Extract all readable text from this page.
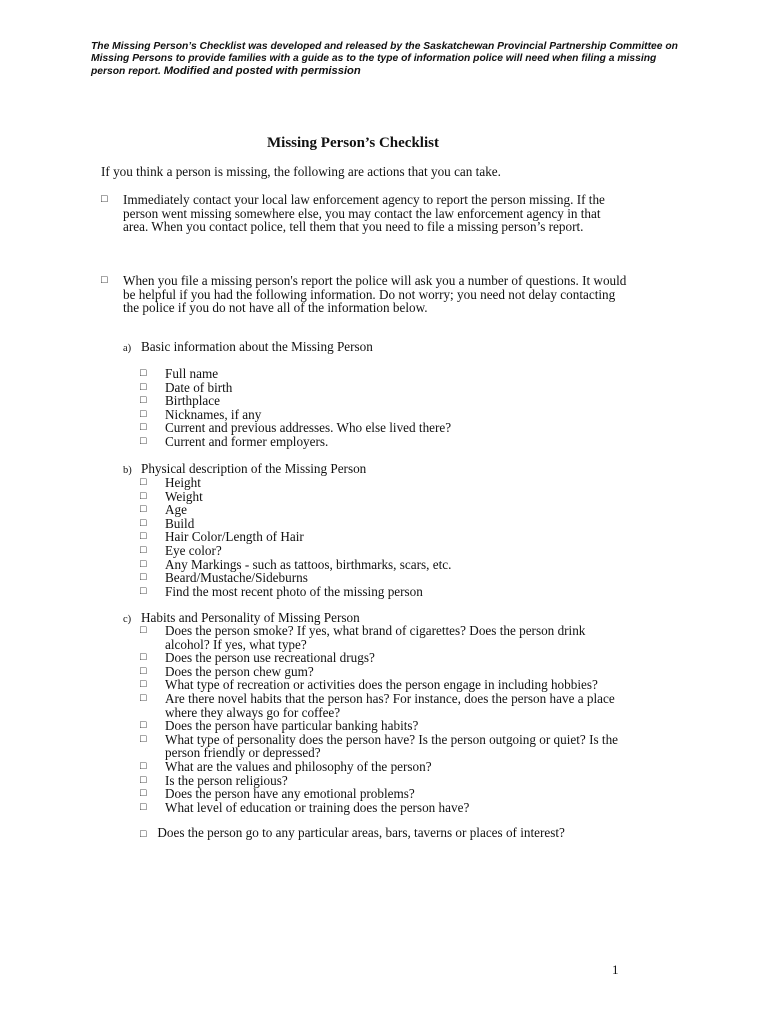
The Missing Person’s Checklist was developed and released by the Saskatchewan Provincial Partnership Committee on Missing Persons to provide families with a guide as to the type of information police will need when filing a missing person report. Modified and posted with permission

Missing Person’s Checklist

If you think a person is missing, the following are actions that you can take.

□	Immediately contact your local law enforcement agency to report the person missing. If the person went missing somewhere else, you may contact the law enforcement agency in that area. When you contact police, tell them that you need to file a missing person’s report.
□	When you file a missing person's report the police will ask you a number of questions. It would be helpful if you had the following information. Do not worry; you need not delay contacting the police if you do not have all of the information below.
a) Basic information about the Missing Person
□ Full name
□ Date of birth
□ Birthplace
□ Nicknames, if any
□ Current and previous addresses. Who else lived there?
□ Current and former employers.
b) Physical description of the Missing Person
□ Height
□ Weight
□ Age
□ Build
□ Hair Color/Length of Hair
□ Eye color?
□ Any Markings - such as tattoos, birthmarks, scars, etc.
□ Beard/Mustache/Sideburns
□ Find the most recent photo of the missing person
c) Habits and Personality of Missing Person
□ Does the person smoke? If yes, what brand of cigarettes? Does the person drink alcohol? If yes, what type?
□ Does the person use recreational drugs?
□ Does the person chew gum?
□ What type of recreation or activities does the person engage in including hobbies?
□ Are there novel habits that the person has? For instance, does the person have a place where they always go for coffee?
□ Does the person have particular banking habits?
□ What type of personality does the person have? Is the person outgoing or quiet? Is the person friendly or depressed?
□ What are the values and philosophy of the person?
□ Is the person religious?
□ Does the person have any emotional problems?
□ What level of education or training does the person have?
□ Does the person go to any particular areas, bars, taverns or places of interest?

1
